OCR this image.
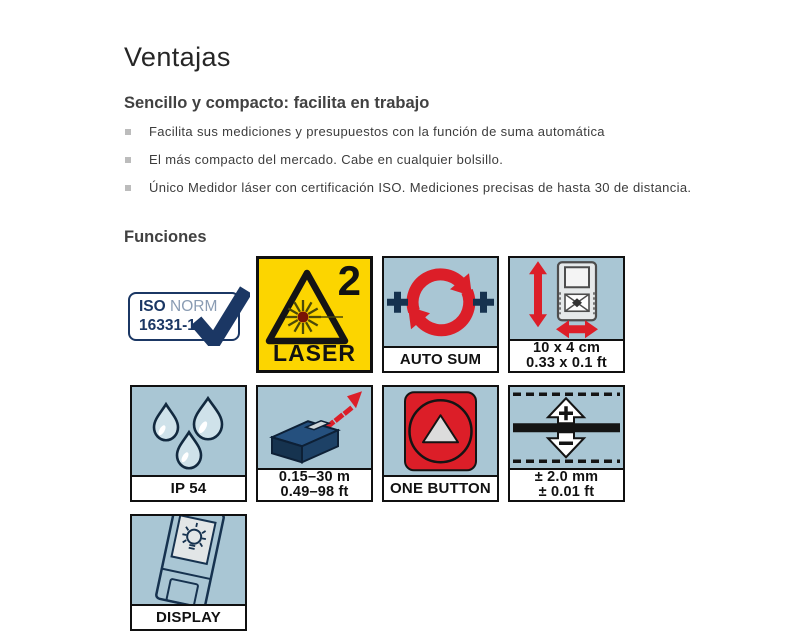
Ventajas
Sencillo y compacto: facilita en trabajo
Facilita sus mediciones y presupuestos con la función de suma automática
El más compacto del mercado. Cabe en cualquier bolsillo.
Único Medidor láser con certificación ISO. Mediciones precisas de hasta 30 de distancia.
Funciones
ISO NORM
16331-1
2
LASER	AUTO SUM
10 x 4 cm
0.33 x 0.1 ft
IP 54
0.15–30 m
0.49–98 ft	ONE BUTTON
± 2.0 mm
± 0.01 ft
DISPLAY
